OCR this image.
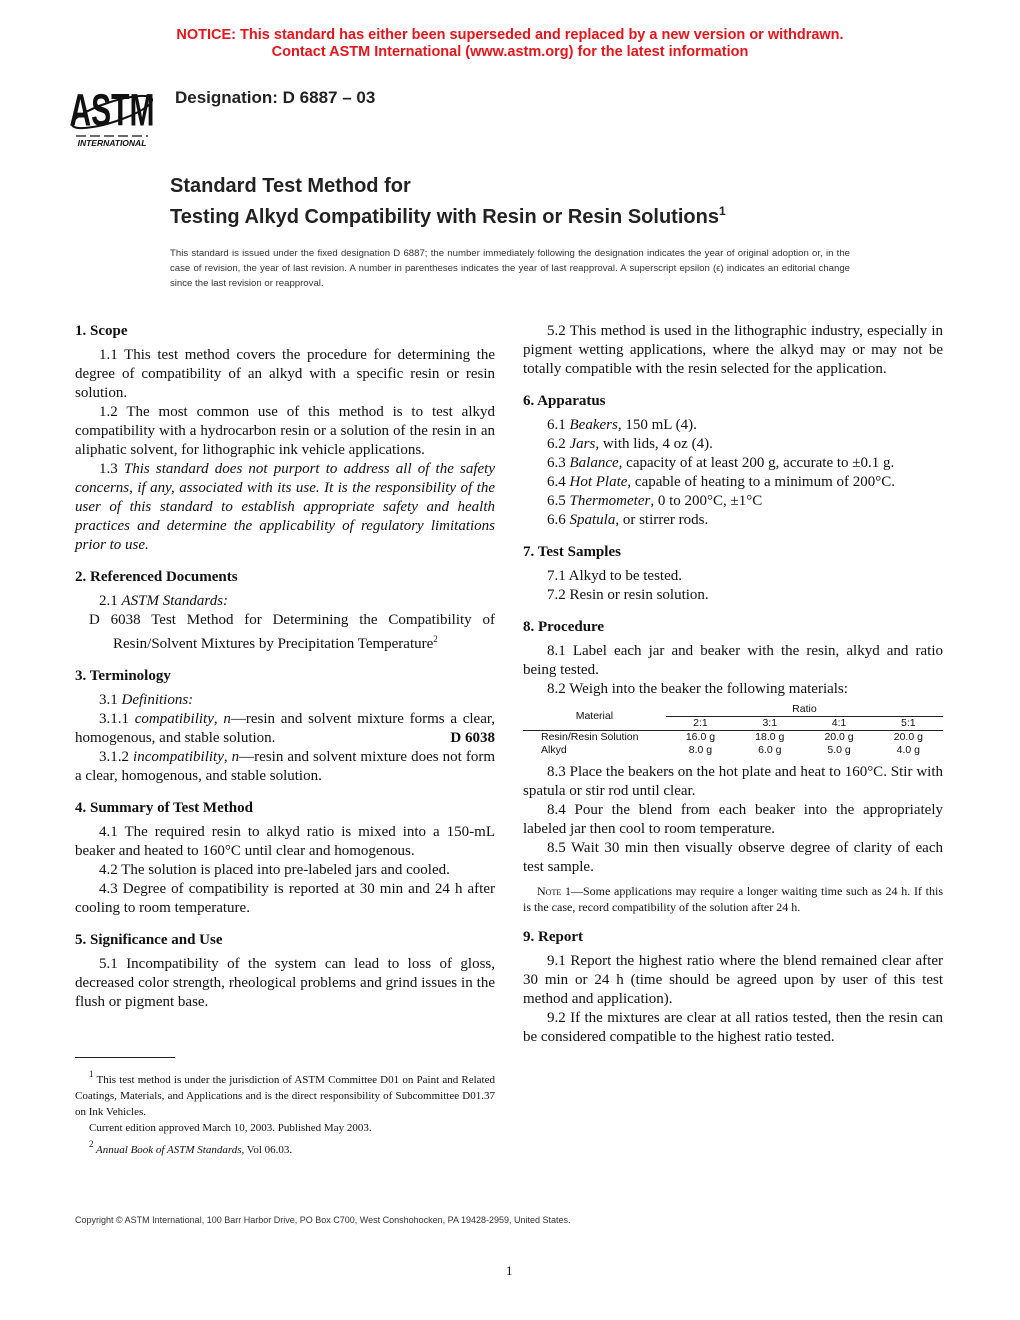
NOTICE: This standard has either been superseded and replaced by a new version or withdrawn.
Contact ASTM International (www.astm.org) for the latest information
ASTM
INTERNATIONAL
Designation: D 6887 – 03
Standard Test Method for
Testing Alkyd Compatibility with Resin or Resin Solutions$^1$
This standard is issued under the fixed designation D 6887; the number immediately following the designation indicates the year of original adoption or, in the case of revision, the year of last revision. A number in parentheses indicates the year of last reapproval. A superscript epsilon (ϵ) indicates an editorial change since the last revision or reapproval.
1. Scope

1.1 This test method covers the procedure for determining the degree of compatibility of an alkyd with a specific resin or resin solution.

1.2 The most common use of this method is to test alkyd compatibility with a hydrocarbon resin or a solution of the resin in an aliphatic solvent, for lithographic ink vehicle applications.

1.3 This standard does not purport to address all of the safety concerns, if any, associated with its use. It is the responsibility of the user of this standard to establish appropriate safety and health practices and determine the applicability of regulatory limitations prior to use.

2. Referenced Documents

2.1 ASTM Standards:

D 6038 Test Method for Determining the Compatibility of Resin/Solvent Mixtures by Precipitation Temperature$^2$

3. Terminology

3.1 Definitions:

3.1.1 compatibility, n—resin and solvent mixture forms a clear, homogenous, and stable solution.	D 6038

3.1.2 incompatibility, n—resin and solvent mixture does not form a clear, homogenous, and stable solution.

4. Summary of Test Method

4.1 The required resin to alkyd ratio is mixed into a 150-mL beaker and heated to 160°C until clear and homogenous.

4.2 The solution is placed into pre-labeled jars and cooled.

4.3 Degree of compatibility is reported at 30 min and 24 h after cooling to room temperature.

5. Significance and Use

5.1 Incompatibility of the system can lead to loss of gloss, decreased color strength, rheological problems and grind issues in the flush or pigment base.

5.2 This method is used in the lithographic industry, especially in pigment wetting applications, where the alkyd may or may not be totally compatible with the resin selected for the application.

6. Apparatus

6.1 Beakers, 150 mL (4).

6.2 Jars, with lids, 4 oz (4).

6.3 Balance, capacity of at least 200 g, accurate to ±0.1 g.

6.4 Hot Plate, capable of heating to a minimum of 200°C.

6.5 Thermometer, 0 to 200°C, ±1°C

6.6 Spatula, or stirrer rods.

7. Test Samples

7.1 Alkyd to be tested.

7.2 Resin or resin solution.

8. Procedure

8.1 Label each jar and beaker with the resin, alkyd and ratio being tested.

8.2 Weigh into the beaker the following materials:

Material	Ratio			
	2:1	3:1	4:1	5:1
Resin/Resin Solution	16.0 g	18.0 g	20.0 g	20.0 g
Alkyd	8.0 g	6.0 g	5.0 g	4.0 g

8.3 Place the beakers on the hot plate and heat to 160°C. Stir with spatula or stir rod until clear.

8.4 Pour the blend from each beaker into the appropriately labeled jar then cool to room temperature.

8.5 Wait 30 min then visually observe degree of clarity of each test sample.

Note 1—Some applications may require a longer waiting time such as 24 h. If this is the case, record compatibility of the solution after 24 h.

9. Report

9.1 Report the highest ratio where the blend remained clear after 30 min or 24 h (time should be agreed upon by user of this test method and application).

9.2 If the mixtures are clear at all ratios tested, then the resin can be considered compatible to the highest ratio tested.

$^1$ This test method is under the jurisdiction of ASTM Committee D01 on Paint and Related Coatings, Materials, and Applications and is the direct responsibility of Subcommittee D01.37 on Ink Vehicles.

Current edition approved March 10, 2003. Published May 2003.

$^2$ Annual Book of ASTM Standards, Vol 06.03.

Copyright © ASTM International, 100 Barr Harbor Drive, PO Box C700, West Conshohocken, PA 19428-2959, United States.
1
